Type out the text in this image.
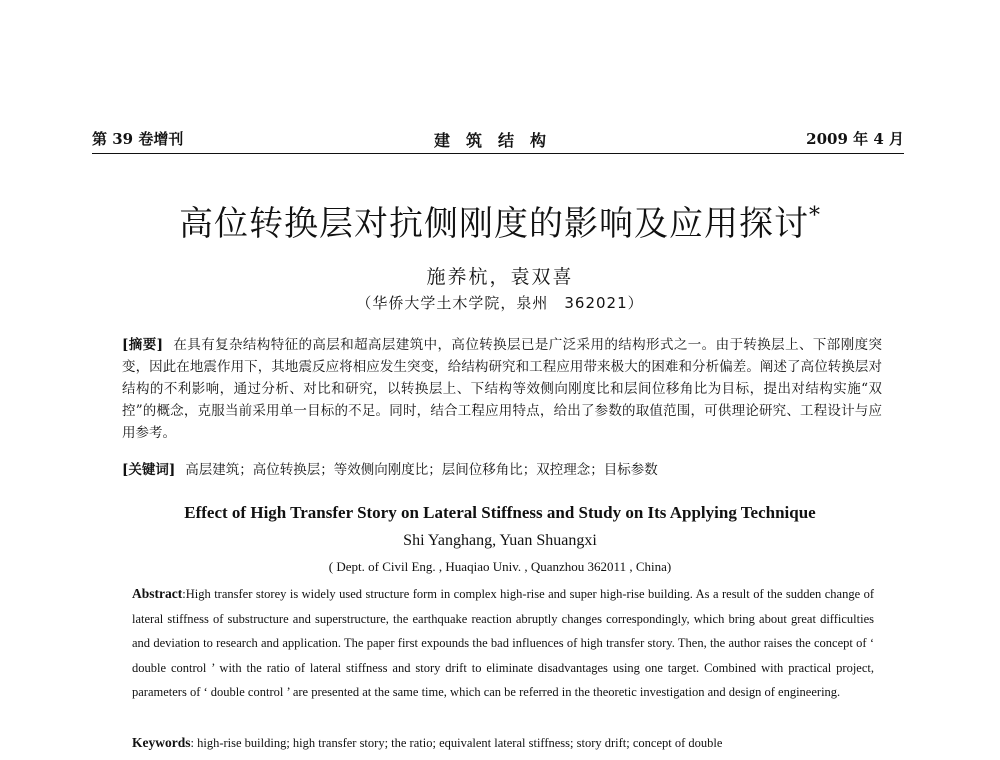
第 39 卷增刊	建筑结构	2009 年 4 月
高位转换层对抗侧刚度的影响及应用探讨*
施养杭，袁双喜
（华侨大学土木学院，泉州　362021）
[摘要] 在具有复杂结构特征的高层和超高层建筑中，高位转换层已是广泛采用的结构形式之一。由于转换层上、下部刚度突变，因此在地震作用下，其地震反应将相应发生突变，给结构研究和工程应用带来极大的困难和分析偏差。阐述了高位转换层对结构的不利影响，通过分析、对比和研究，以转换层上、下结构等效侧向刚度比和层间位移角比为目标，提出对结构实施“双控”的概念，克服当前采用单一目标的不足。同时，结合工程应用特点，给出了参数的取值范围，可供理论研究、工程设计与应用参考。
[关键词] 高层建筑；高位转换层；等效侧向刚度比；层间位移角比；双控理念；目标参数
Effect of High Transfer Story on Lateral Stiffness and Study on Its Applying Technique
Shi Yanghang, Yuan Shuangxi
( Dept. of Civil Eng. , Huaqiao Univ. , Quanzhou 362011 , China)
Abstract:High transfer storey is widely used structure form in complex high-rise and super high-rise building. As a result of the sudden change of lateral stiffness of substructure and superstructure, the earthquake reaction abruptly changes correspondingly, which bring about great difficulties and deviation to research and application. The paper first expounds the bad influences of high transfer story. Then, the author raises the concept of ‘ double control ’ with the ratio of lateral stiffness and story drift to eliminate disadvantages using one target. Combined with practical project, parameters of ‘ double control ’ are presented at the same time, which can be referred in the theoretic investigation and design of engineering.
Keywords: high-rise building; high transfer story; the ratio; equivalent lateral stiffness; story drift; concept of double
